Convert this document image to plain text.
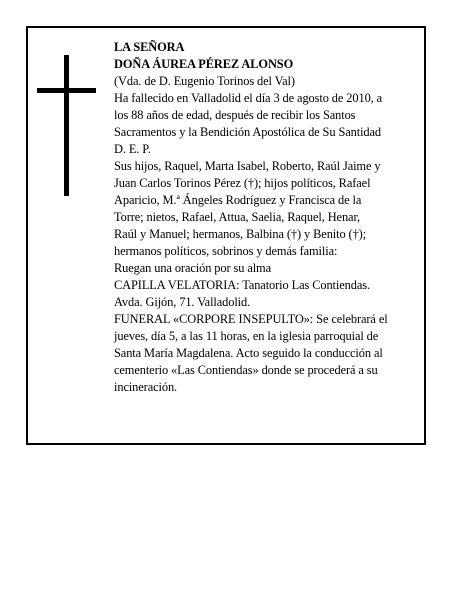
LA SEÑORA
DOÑA ÁUREA PÉREZ ALONSO
(Vda. de D. Eugenio Torinos del Val)
Ha fallecido en Valladolid el día 3 de agosto de 2010, a
los 88 años de edad, después de recibir los Santos
Sacramentos y la Bendición Apostólica de Su Santidad
D. E. P.
Sus hijos, Raquel, Marta Isabel, Roberto, Raúl Jaime y
Juan Carlos Torinos Pérez (†); hijos políticos, Rafael
Aparicio, M.ª Ángeles Rodríguez y Francisca de la
Torre; nietos, Rafael, Attua, Saelia, Raquel, Henar,
Raúl y Manuel; hermanos, Balbina (†) y Benito (†);
hermanos políticos, sobrinos y demás familia:
Ruegan una oración por su alma
CAPILLA VELATORIA: Tanatorio Las Contiendas.
Avda. Gijón, 71. Valladolid.
FUNERAL «CORPORE INSEPULTO»: Se celebrará el
jueves, día 5, a las 11 horas, en la iglesia parroquial de
Santa María Magdalena. Acto seguido la conducción al
cementerio «Las Contiendas» donde se procederá a su
incineración.
